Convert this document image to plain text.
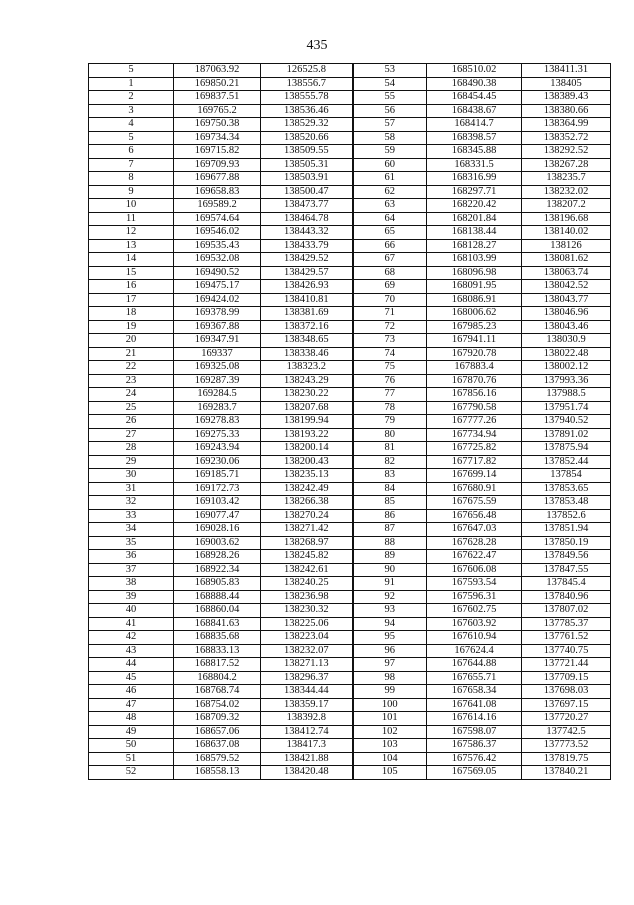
435
5	187063.92	126525.8	53	168510.02	138411.31
1	169850.21	138556.7	54	168490.38	138405
2	169837.51	138555.78	55	168454.45	138389.43
3	169765.2	138536.46	56	168438.67	138380.66
4	169750.38	138529.32	57	168414.7	138364.99
5	169734.34	138520.66	58	168398.57	138352.72
6	169715.82	138509.55	59	168345.88	138292.52
7	169709.93	138505.31	60	168331.5	138267.28
8	169677.88	138503.91	61	168316.99	138235.7
9	169658.83	138500.47	62	168297.71	138232.02
10	169589.2	138473.77	63	168220.42	138207.2
11	169574.64	138464.78	64	168201.84	138196.68
12	169546.02	138443.32	65	168138.44	138140.02
13	169535.43	138433.79	66	168128.27	138126
14	169532.08	138429.52	67	168103.99	138081.62
15	169490.52	138429.57	68	168096.98	138063.74
16	169475.17	138426.93	69	168091.95	138042.52
17	169424.02	138410.81	70	168086.91	138043.77
18	169378.99	138381.69	71	168006.62	138046.96
19	169367.88	138372.16	72	167985.23	138043.46
20	169347.91	138348.65	73	167941.11	138030.9
21	169337	138338.46	74	167920.78	138022.48
22	169325.08	138323.2	75	167883.4	138002.12
23	169287.39	138243.29	76	167870.76	137993.36
24	169284.5	138230.22	77	167856.16	137988.5
25	169283.7	138207.68	78	167790.58	137951.74
26	169278.83	138199.94	79	167777.26	137940.52
27	169275.33	138193.22	80	167734.94	137891.02
28	169243.94	138200.14	81	167725.82	137875.94
29	169230.06	138200.43	82	167717.82	137852.44
30	169185.71	138235.13	83	167699.14	137854
31	169172.73	138242.49	84	167680.91	137853.65
32	169103.42	138266.38	85	167675.59	137853.48
33	169077.47	138270.24	86	167656.48	137852.6
34	169028.16	138271.42	87	167647.03	137851.94
35	169003.62	138268.97	88	167628.28	137850.19
36	168928.26	138245.82	89	167622.47	137849.56
37	168922.34	138242.61	90	167606.08	137847.55
38	168905.83	138240.25	91	167593.54	137845.4
39	168888.44	138236.98	92	167596.31	137840.96
40	168860.04	138230.32	93	167602.75	137807.02
41	168841.63	138225.06	94	167603.92	137785.37
42	168835.68	138223.04	95	167610.94	137761.52
43	168833.13	138232.07	96	167624.4	137740.75
44	168817.52	138271.13	97	167644.88	137721.44
45	168804.2	138296.37	98	167655.71	137709.15
46	168768.74	138344.44	99	167658.34	137698.03
47	168754.02	138359.17	100	167641.08	137697.15
48	168709.32	138392.8	101	167614.16	137720.27
49	168657.06	138412.74	102	167598.07	137742.5
50	168637.08	138417.3	103	167586.37	137773.52
51	168579.52	138421.88	104	167576.42	137819.75
52	168558.13	138420.48	105	167569.05	137840.21
